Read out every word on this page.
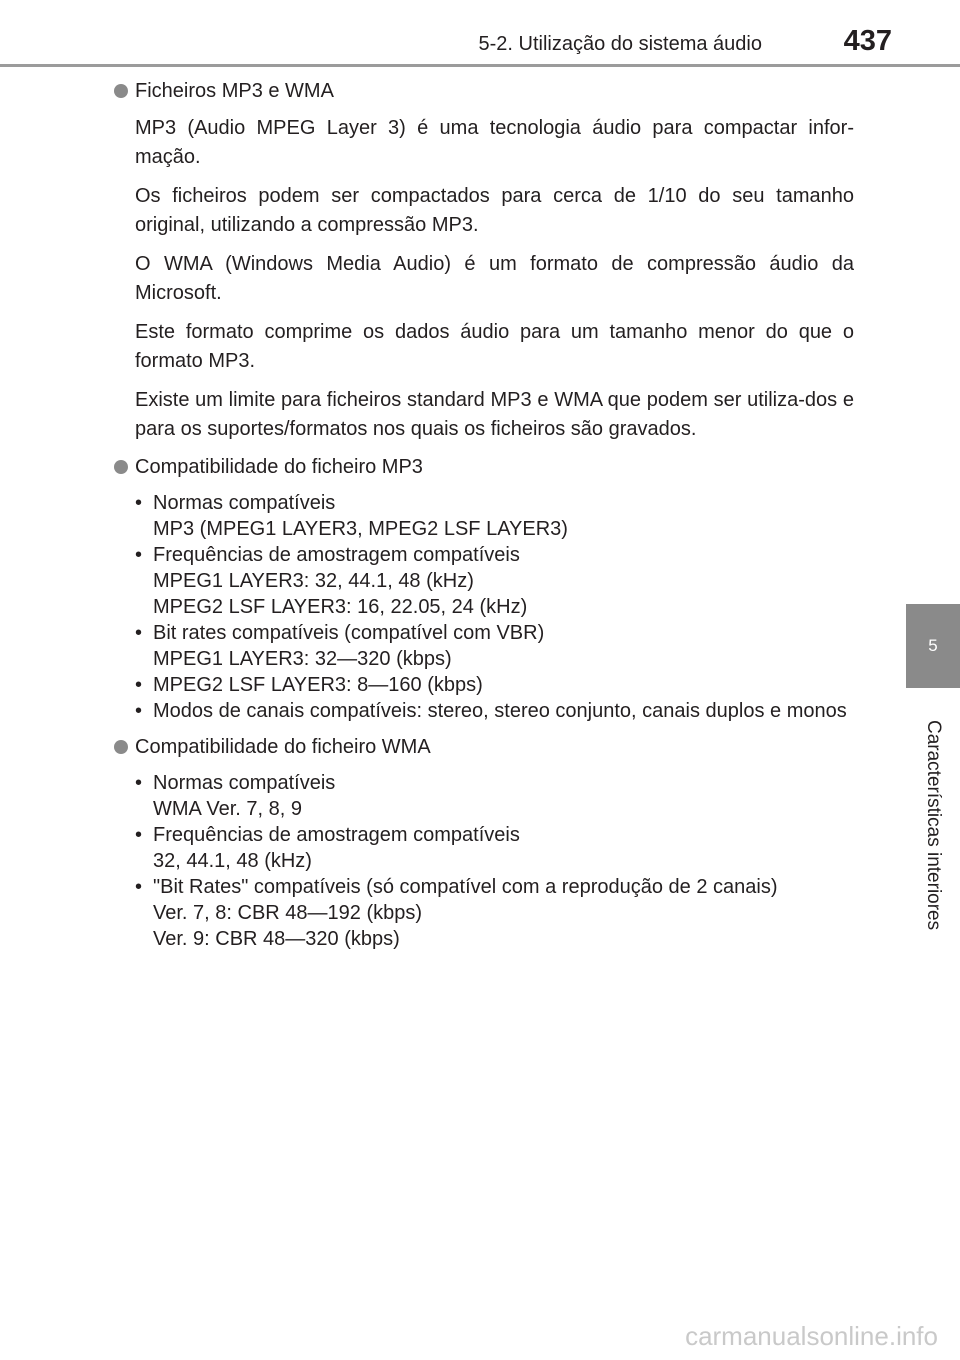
5-2. Utilização do sistema áudio	437
5
Características interiores
Ficheiros MP3 e WMA

MP3 (Audio MPEG Layer 3) é uma tecnologia áudio para compactar infor-mação.

Os ficheiros podem ser compactados para cerca de 1/10 do seu tamanho original, utilizando a compressão MP3.

O WMA (Windows Media Audio) é um formato de compressão áudio da Microsoft.

Este formato comprime os dados áudio para um tamanho menor do que o formato MP3.

Existe um limite para ficheiros standard MP3 e WMA que podem ser utiliza-dos e para os suportes/formatos nos quais os ficheiros são gravados.

Compatibilidade do ficheiro MP3
• Normas compatíveis
MP3 (MPEG1 LAYER3, MPEG2 LSF LAYER3)
• Frequências de amostragem compatíveis
MPEG1 LAYER3: 32, 44.1, 48 (kHz)
MPEG2 LSF LAYER3: 16, 22.05, 24 (kHz)
• Bit rates compatíveis (compatível com VBR)
MPEG1 LAYER3: 32—320 (kbps)
• MPEG2 LSF LAYER3: 8—160 (kbps)
• Modos de canais compatíveis: stereo, stereo conjunto, canais duplos e monos
Compatibilidade do ficheiro WMA
• Normas compatíveis
WMA Ver. 7, 8, 9
• Frequências de amostragem compatíveis
32, 44.1, 48 (kHz)
• "Bit Rates" compatíveis (só compatível com a reprodução de 2 canais)
Ver. 7, 8: CBR 48—192 (kbps)
Ver. 9: CBR 48—320 (kbps)
carmanualsonline.info
